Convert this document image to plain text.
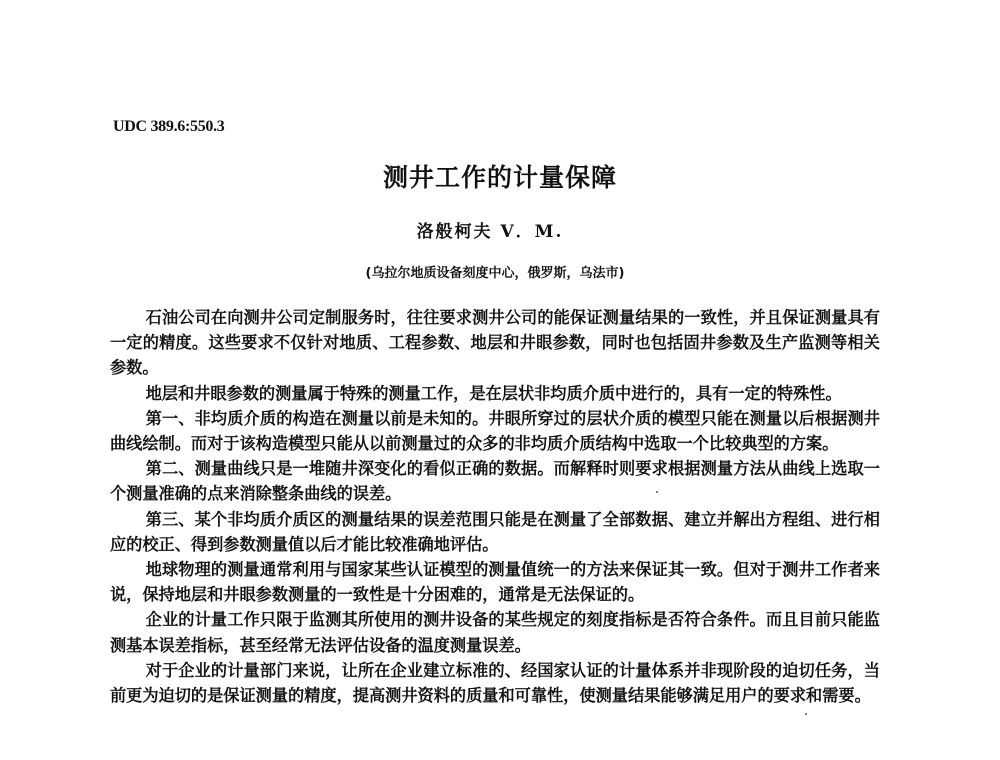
UDC 389.6:550.3
测井工作的计量保障
洛般柯夫 V．M.
(乌拉尔地质设备刻度中心，俄罗斯，乌法市)

石油公司在向测井公司定制服务时，往往要求测井公司的能保证测量结果的一致性，并且保证测量具有一定的精度。这些要求不仅针对地质、工程参数、地层和井眼参数，同时也包括固井参数及生产监测等相关参数。

地层和井眼参数的测量属于特殊的测量工作，是在层状非均质介质中进行的，具有一定的特殊性。

第一、非均质介质的构造在测量以前是未知的。井眼所穿过的层状介质的模型只能在测量以后根据测井曲线绘制。而对于该构造模型只能从以前测量过的众多的非均质介质结构中选取一个比较典型的方案。

第二、测量曲线只是一堆随井深变化的看似正确的数据。而解释时则要求根据测量方法从曲线上选取一个测量准确的点来消除整条曲线的误差。

第三、某个非均质介质区的测量结果的误差范围只能是在测量了全部数据、建立并解出方程组、进行相应的校正、得到参数测量值以后才能比较准确地评估。

地球物理的测量通常利用与国家某些认证模型的测量值统一的方法来保证其一致。但对于测井工作者来说，保持地层和井眼参数测量的一致性是十分困难的，通常是无法保证的。

企业的计量工作只限于监测其所使用的测井设备的某些规定的刻度指标是否符合条件。而且目前只能监测基本误差指标，甚至经常无法评估设备的温度测量误差。

对于企业的计量部门来说，让所在企业建立标准的、经国家认证的计量体系并非现阶段的迫切任务，当前更为迫切的是保证测量的精度，提高测井资料的质量和可靠性，使测量结果能够满足用户的要求和需要。
